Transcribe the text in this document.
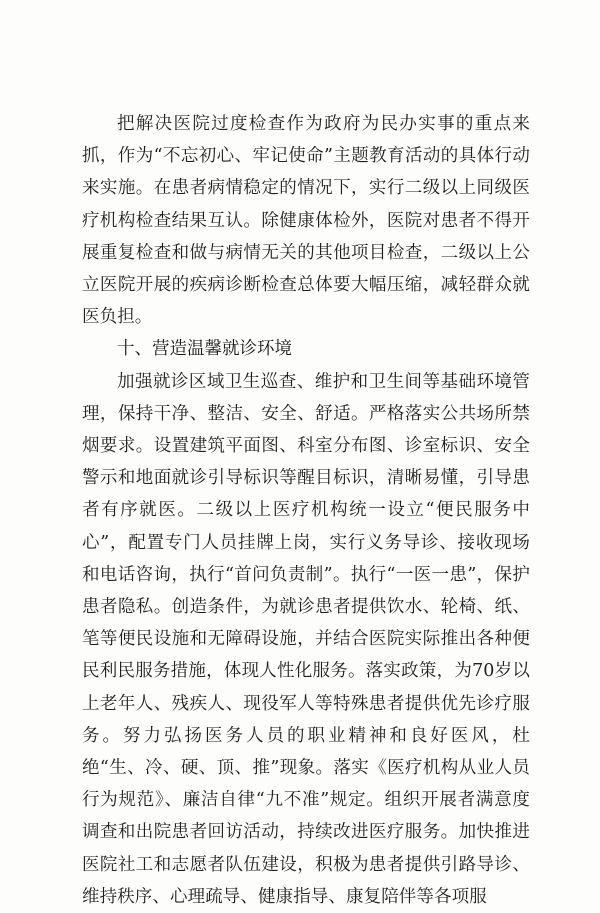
把解决医院过度检查作为政府为民办实事的重点来抓，作为“不忘初心、牢记使命”主题教育活动的具体行动来实施。在患者病情稳定的情况下，实行二级以上同级医疗机构检查结果互认。除健康体检外，医院对患者不得开展重复检查和做与病情无关的其他项目检查，二级以上公立医院开展的疾病诊断检查总体要大幅压缩，减轻群众就医负担。

十、营造温馨就诊环境

加强就诊区域卫生巡查、维护和卫生间等基础环境管理，保持干净、整洁、安全、舒适。严格落实公共场所禁烟要求。设置建筑平面图、科室分布图、诊室标识、安全警示和地面就诊引导标识等醒目标识，清晰易懂，引导患者有序就医。二级以上医疗机构统一设立“便民服务中心”，配置专门人员挂牌上岗，实行义务导诊、接收现场和电话咨询，执行“首问负责制”。执行“一医一患”，保护患者隐私。创造条件，为就诊患者提供饮水、轮椅、纸、笔等便民设施和无障碍设施，并结合医院实际推出各种便民利民服务措施，体现人性化服务。落实政策，为70岁以上老年人、残疾人、现役军人等特殊患者提供优先诊疗服务。努力弘扬医务人员的职业精神和良好医风，杜绝“生、冷、硬、顶、推”现象。落实《医疗机构从业人员行为规范》、廉洁自律“九不准”规定。组织开展者满意度调查和出院患者回访活动，持续改进医疗服务。加快推进医院社工和志愿者队伍建设，积极为患者提供引路导诊、维持秩序、心理疏导、健康指导、康复陪伴等各项服
